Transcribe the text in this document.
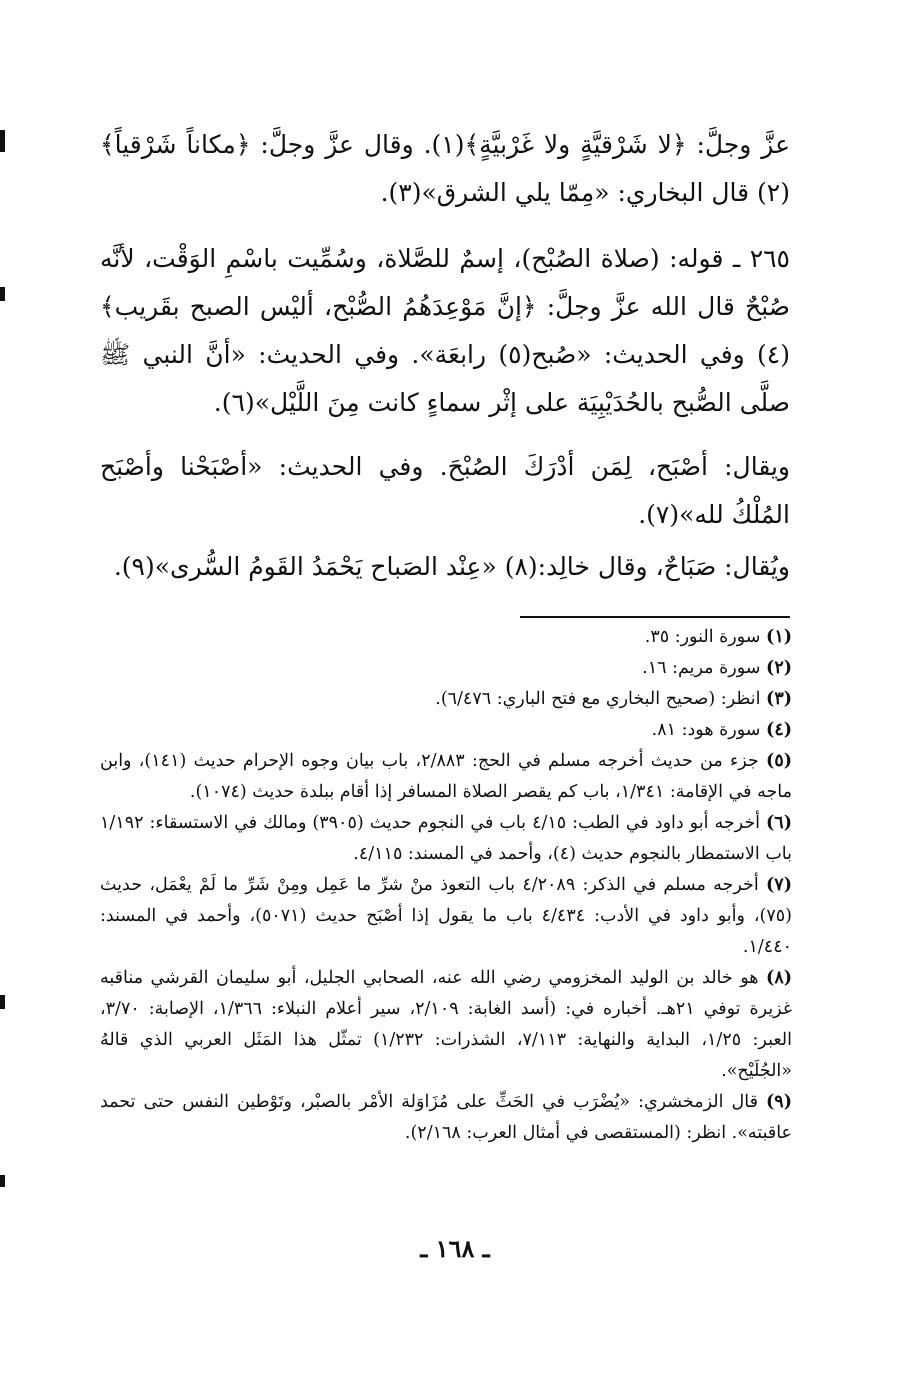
عزَّ وجلَّ: ﴿لا شَرْقيَّةٍ ولا غَرْبيَّةٍ﴾(١). وقال عزَّ وجلَّ: ﴿مكاناً شَرْقياً﴾(٢) قال البخاري: «مِمّا يلي الشرق»(٣).

٢٦٥ ـ قوله: (صلاة الصُبْح)، إسمٌ للصَّلاة، وسُمِّيت باسْمِ الوَقْت، لأنَّه صُبْحٌ قال الله عزَّ وجلَّ: ﴿إنَّ مَوْعِدَهُمُ الصُّبْح، أليْس الصبح بقَريب﴾(٤) وفي الحديث: «صُبح(٥) رابعَة». وفي الحديث: «أنَّ النبي ﷺ صلَّى الصُّبح بالحُدَيْبِيَة على إثْر سماءٍ كانت مِنَ اللَّيْل»(٦).

ويقال: أصْبَح، لِمَن أدْرَكَ الصُبْحَ. وفي الحديث: «أصْبَحْنا وأصْبَح المُلْكُ لله»(٧).

ويُقال: صَبَاحٌ، وقال خالِد:(٨) «عِنْد الصَباح يَحْمَدُ القَومُ السُّرى»(٩).

(١) سورة النور: ٣٥.
(٢) سورة مريم: ١٦.
(٣) انظر: (صحيح البخاري مع فتح الباري: ٦/٤٧٦).
(٤) سورة هود: ٨١.
(٥) جزء من حديث أخرجه مسلم في الحج: ٢/٨٨٣، باب بيان وجوه الإحرام حديث (١٤١)، وابن ماجه في الإقامة: ١/٣٤١، باب كم يقصر الصلاة المسافر إذا أقام ببلدة حديث (١٠٧٤).
(٦) أخرجه أبو داود في الطب: ٤/١٥ باب في النجوم حديث (٣٩٠٥) ومالك في الاستسقاء: ١/١٩٢ باب الاستمطار بالنجوم حديث (٤)، وأحمد في المسند: ٤/١١٥.
(٧) أخرجه مسلم في الذكر: ٤/٢٠٨٩ باب التعوذ منْ شرِّ ما عَمِل ومِنْ شَرِّ ما لَمْ يعْمَل، حديث (٧٥)، وأبو داود في الأدب: ٤/٤٣٤ باب ما يقول إذا أصْبَح حديث (٥٠٧١)، وأحمد في المسند: ١/٤٤٠.
(٨) هو خالد بن الوليد المخزومي رضي الله عنه، الصحابي الجليل، أبو سليمان القرشي مناقبه غزيرة توفي ٢١هـ. أخباره في: (أسد الغابة: ٢/١٠٩، سير أعلام النبلاء: ١/٣٦٦، الإصابة: ٣/٧٠، العبر: ١/٢٥، البداية والنهاية: ٧/١١٣، الشذرات: ١/٢٣٢) تمثّل هذا المَثَل العربي الذي قالهُ «الجُلَيْح».
(٩) قال الزمخشري: «يُضْرَب في الحَثِّ على مُزَاوَلة الأمْر بالصبْر، وتَوْطين النفس حتى تحمد عاقبته». انظر: (المستقصى في أمثال العرب: ٢/١٦٨).
ـ ١٦٨ ـ
